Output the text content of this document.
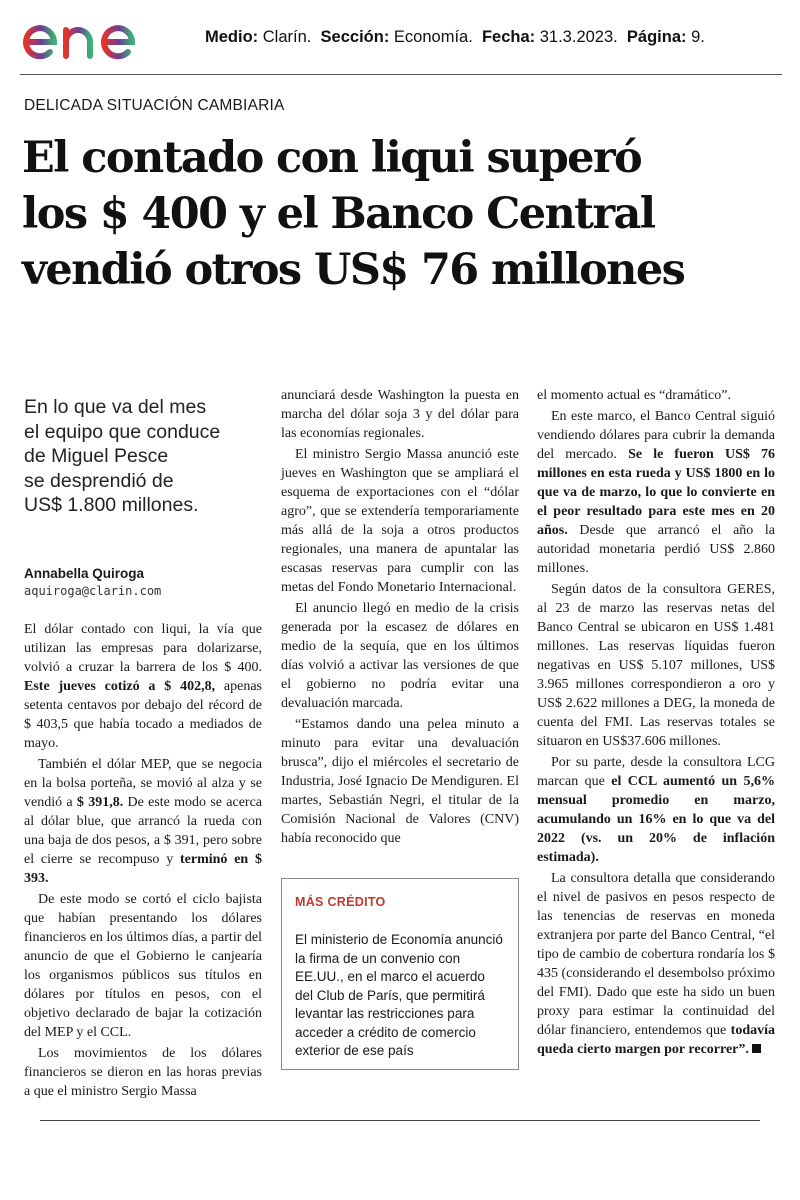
Medio: Clarín. Sección: Economía. Fecha: 31.3.2023. Página: 9.
DELICADA SITUACIÓN CAMBIARIA
El contado con liqui superó
los $ 400 y el Banco Central
vendió otros US$ 76 millones
En lo que va del mes
el equipo que conduce
de Miguel Pesce
se desprendió de
US$ 1.800 millones.
Annabella Quiroga
aquiroga@clarin.com

El dólar contado con liqui, la vía que utilizan las empresas para dolarizarse, volvió a cruzar la barrera de los $ 400. Este jueves cotizó a $ 402,8, apenas setenta centavos por debajo del récord de $ 403,5 que había tocado a mediados de mayo.

También el dólar MEP, que se negocia en la bolsa porteña, se movió al alza y se vendió a $ 391,8. De este modo se acerca al dólar blue, que arrancó la rueda con una baja de dos pesos, a $ 391, pero sobre el cierre se recompuso y terminó en $ 393.

De este modo se cortó el ciclo bajista que habían presentando los dólares financieros en los últimos días, a partir del anuncio de que el Gobierno le canjearía los organismos públicos sus títulos en dólares por títulos en pesos, con el objetivo declarado de bajar la cotización del MEP y el CCL.

Los movimientos de los dólares financieros se dieron en las horas previas a que el ministro Sergio Massa

anunciará desde Washington la puesta en marcha del dólar soja 3 y del dólar para las economías regionales.

El ministro Sergio Massa anunció este jueves en Washington que se ampliará el esquema de exportaciones con el “dólar agro”, que se extendería temporariamente más allá de la soja a otros productos regionales, una manera de apuntalar las escasas reservas para cumplir con las metas del Fondo Monetario Internacional.

El anuncio llegó en medio de la crisis generada por la escasez de dólares en medio de la sequía, que en los últimos días volvió a activar las versiones de que el gobierno no podría evitar una devaluación marcada.

“Estamos dando una pelea minuto a minuto para evitar una devaluación brusca”, dijo el miércoles el secretario de Industria, José Ignacio De Mendiguren. El martes, Sebastián Negri, el titular de la Comisión Nacional de Valores (CNV) había reconocido que

MÁS CRÉDITO
El ministerio de Economía anunció la firma de un convenio con EE.UU., en el marco el acuerdo del Club de París, que permitirá levantar las restricciones para acceder a crédito de comercio exterior de ese país

el momento actual es “dramático”.

En este marco, el Banco Central siguió vendiendo dólares para cubrir la demanda del mercado. Se le fueron US$ 76 millones en esta rueda y US$ 1800 en lo que va de marzo, lo que lo convierte en el peor resultado para este mes en 20 años. Desde que arrancó el año la autoridad monetaria perdió US$ 2.860 millones.

Según datos de la consultora GERES, al 23 de marzo las reservas netas del Banco Central se ubicaron en US$ 1.481 millones. Las reservas líquidas fueron negativas en US$ 5.107 millones, US$ 3.965 millones correspondieron a oro y US$ 2.622 millones a DEG, la moneda de cuenta del FMI. Las reservas totales se situaron en US$37.606 millones.

Por su parte, desde la consultora LCG marcan que el CCL aumentó un 5,6% mensual promedio en marzo, acumulando un 16% en lo que va del 2022 (vs. un 20% de inflación estimada).

La consultora detalla que considerando el nivel de pasivos en pesos respecto de las tenencias de reservas en moneda extranjera por parte del Banco Central, “el tipo de cambio de cobertura rondaría los $ 435 (considerando el desembolso próximo del FMI). Dado que este ha sido un buen proxy para estimar la continuidad del dólar financiero, entendemos que todavía queda cierto margen por recorrer”.
